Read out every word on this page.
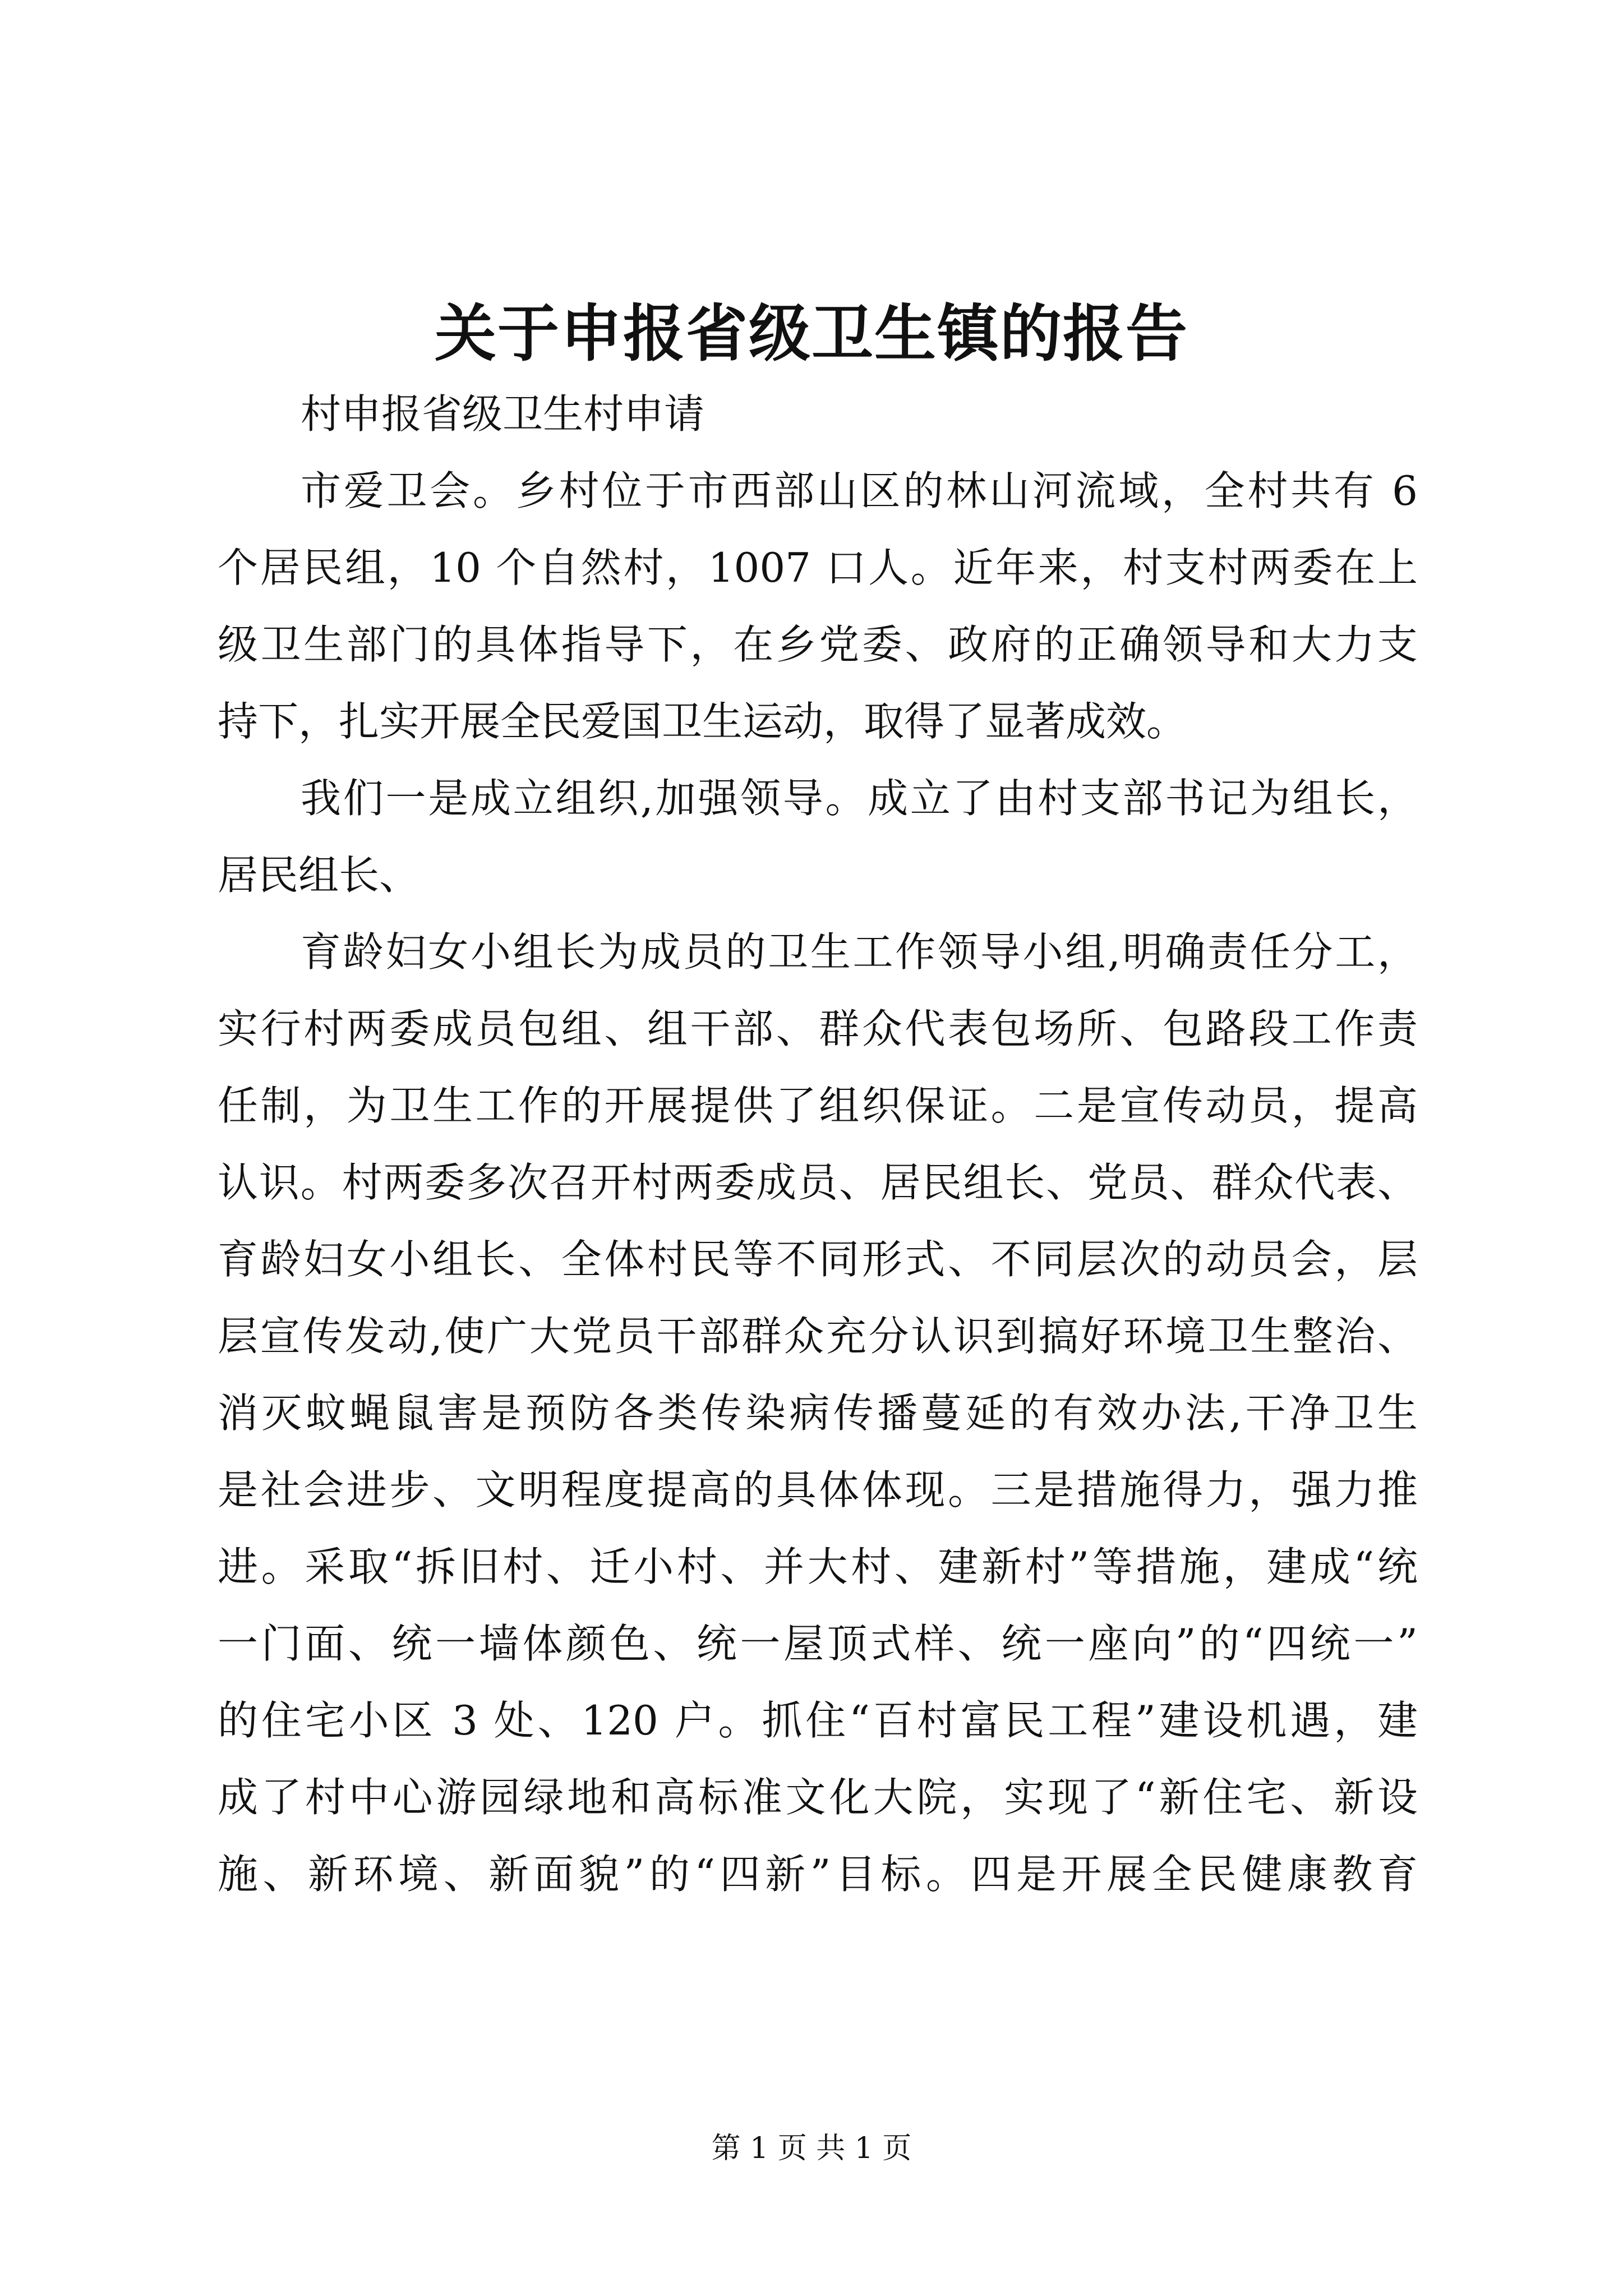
关于申报省级卫生镇的报告

村申报省级卫生村申请

市爱卫会。乡村位于市西部山区的林山河流域，全村共有 6
个居民组，10 个自然村，1007 口人。近年来，村支村两委在上
级卫生部门的具体指导下，在乡党委、政府的正确领导和大力支
持下，扎实开展全民爱国卫生运动，取得了显著成效。

我们一是成立组织,加强领导。成立了由村支部书记为组长，
居民组长、

育龄妇女小组长为成员的卫生工作领导小组,明确责任分工，
实行村两委成员包组、组干部、群众代表包场所、包路段工作责
任制，为卫生工作的开展提供了组织保证。二是宣传动员，提高
认识。村两委多次召开村两委成员、居民组长、党员、群众代表、
育龄妇女小组长、全体村民等不同形式、不同层次的动员会，层
层宣传发动,使广大党员干部群众充分认识到搞好环境卫生整治、
消灭蚊蝇鼠害是预防各类传染病传播蔓延的有效办法,干净卫生
是社会进步、文明程度提高的具体体现。三是措施得力，强力推
进。采取“拆旧村、迁小村、并大村、建新村”等措施，建成“统
一门面、统一墙体颜色、统一屋顶式样、统一座向”的“四统一”
的住宅小区 3 处、120 户。抓住“百村富民工程”建设机遇，建
成了村中心游园绿地和高标准文化大院，实现了“新住宅、新设
施、新环境、新面貌”的“四新”目标。四是开展全民健康教育

第 1 页 共 1 页
